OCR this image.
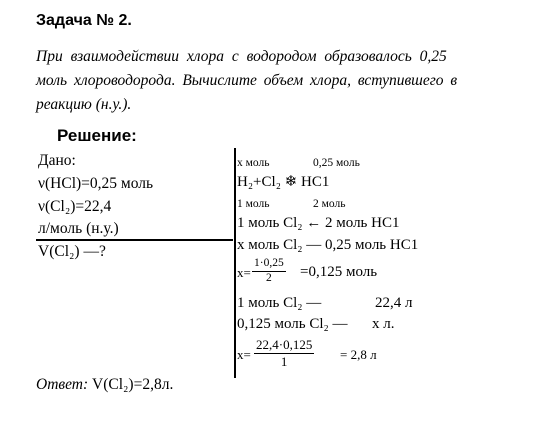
Задача № 2.
При взаимодействии хлора с водородом образовалось 0,25
моль хлороводорода. Вычислите объем хлора, вступившего в
реакцию (н.у.).
Решение:
Дано:
ν(HCl)=0,25 моль
ν(Cl₂)=22,4
л/моль (н.у.)
V(Cl₂) —?
x моль	0,25 моль
H₂+Cl₂ ❄ HC1
1 моль	2 моль
1 моль Cl₂ ← 2 моль HC1
x моль Cl₂ — 0,25 моль HC1
$x= \frac{1\cdot 0,25}{2} =0,125$ моль
1 моль Cl₂ —	22,4 л
0,125 моль Cl₂ — x л.
$x= \frac{22,4\cdot 0,125}{1} = 2,8$ л
Ответ: V(Cl₂)=2,8л.
